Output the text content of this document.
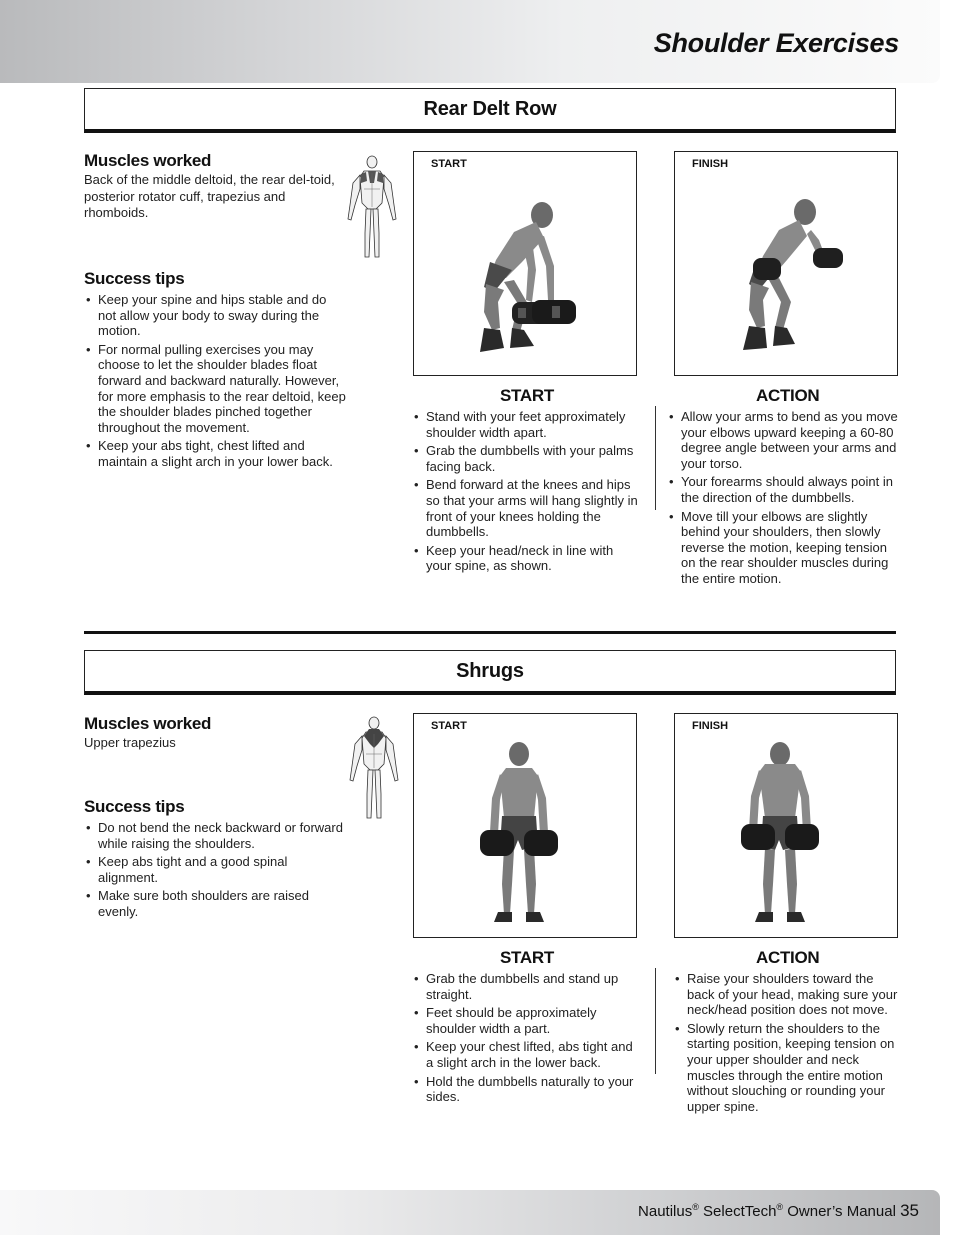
Shoulder Exercises
Rear Delt Row
Muscles worked
Back of the middle deltoid, the rear del-toid, posterior rotator cuff, trapezius and rhomboids.
Success tips
• Keep your spine and hips stable and do not allow your body to sway during the motion.
• For normal pulling exercises you may choose to let the shoulder blades float forward and backward naturally. However, for more emphasis to the rear deltoid, keep the shoulder blades pinched together throughout the movement.
• Keep your abs tight, chest lifted and maintain a slight arch in your lower back.
START	FINISH
START	ACTION
• Stand with your feet approximately shoulder width apart.
• Grab the dumbbells with your palms facing back.
• Bend forward at the knees and hips so that your arms will hang slightly in front of your knees holding the dumbbells.
• Keep your head/neck in line with your spine, as shown.
• Allow your arms to bend as you move your elbows upward keeping a 60-80 degree angle between your arms and your torso.
• Your forearms should always point in the direction of the dumbbells.
• Move till your elbows are slightly behind your shoulders, then slowly reverse the motion, keeping tension on the rear shoulder muscles during the entire motion.
Shrugs
Muscles worked
Upper trapezius
Success tips
• Do not bend the neck backward or forward while raising the shoulders.
• Keep abs tight and a good spinal alignment.
• Make sure both shoulders are raised evenly.
START	FINISH
START	ACTION
• Grab the dumbbells and stand up straight.
• Feet should be approximately shoulder width a part.
• Keep your chest lifted, abs tight and a slight arch in the lower back.
• Hold the dumbbells naturally to your sides.
• Raise your shoulders toward the back of your head, making sure your neck/head position does not move.
• Slowly return the shoulders to the starting position, keeping tension on your upper shoulder and neck muscles through the entire motion without slouching or rounding your upper spine.
Nautilus® SelectTech® Owner’s Manual 35
